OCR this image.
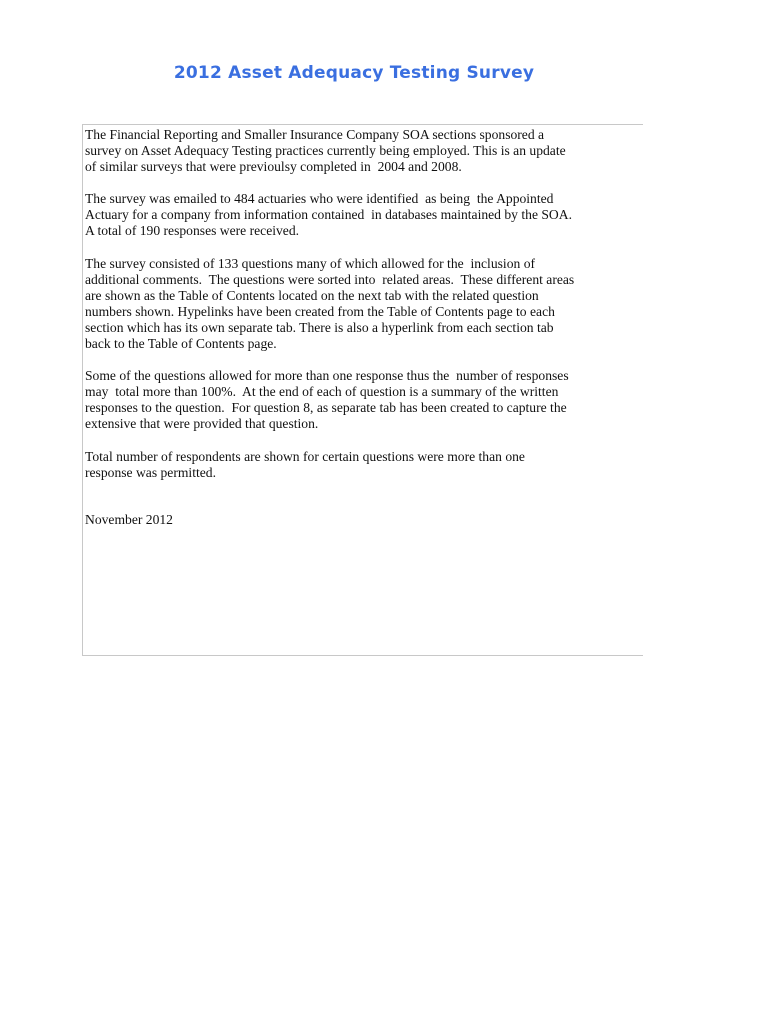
2012 Asset Adequacy Testing Survey
The Financial Reporting and Smaller Insurance Company SOA sections sponsored a
survey on Asset Adequacy Testing practices currently being employed. This is an update
of similar surveys that were previoulsy completed in  2004 and 2008.
The survey was emailed to 484 actuaries who were identified  as being  the Appointed
Actuary for a company from information contained  in databases maintained by the SOA.
A total of 190 responses were received.
The survey consisted of 133 questions many of which allowed for the  inclusion of
additional comments.  The questions were sorted into  related areas.  These different areas
are shown as the Table of Contents located on the next tab with the related question
numbers shown. Hypelinks have been created from the Table of Contents page to each
section which has its own separate tab. There is also a hyperlink from each section tab
back to the Table of Contents page.
Some of the questions allowed for more than one response thus the  number of responses
may  total more than 100%.  At the end of each of question is a summary of the written
responses to the question.  For question 8, as separate tab has been created to capture the
extensive that were provided that question.
Total number of respondents are shown for certain questions were more than one
response was permitted.
November 2012
